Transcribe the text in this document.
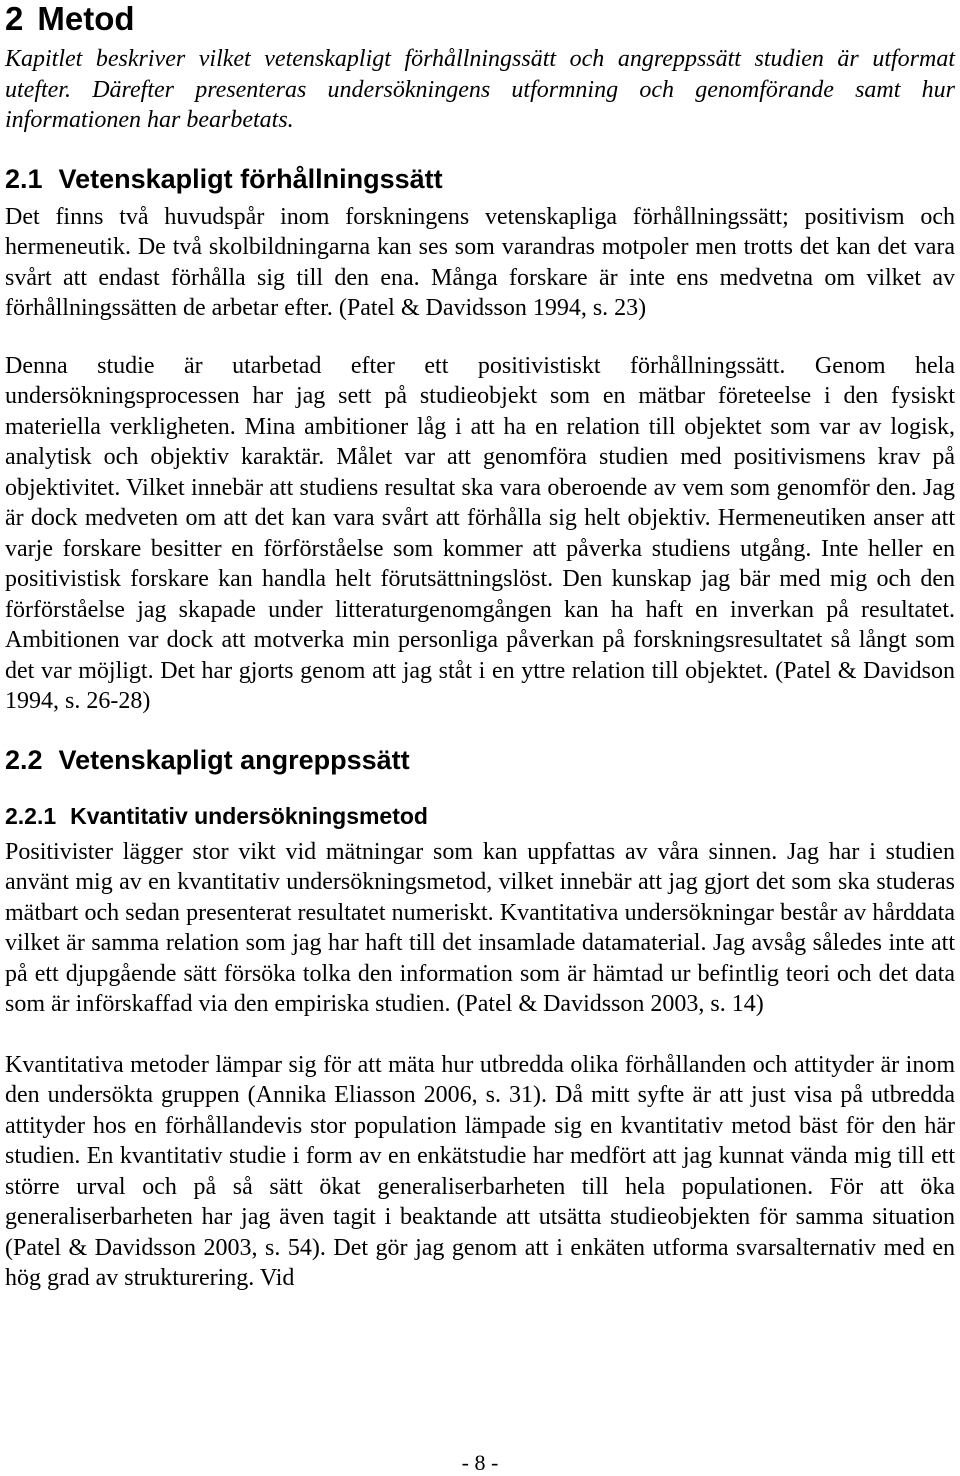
2 Metod

Kapitlet beskriver vilket vetenskapligt förhållningssätt och angreppssätt studien är utformat utefter. Därefter presenteras undersökningens utformning och genomförande samt hur informationen har bearbetats.

2.1 Vetenskapligt förhållningssätt

Det finns två huvudspår inom forskningens vetenskapliga förhållningssätt; positivism och hermeneutik. De två skolbildningarna kan ses som varandras motpoler men trotts det kan det vara svårt att endast förhålla sig till den ena. Många forskare är inte ens medvetna om vilket av förhållningssätten de arbetar efter. (Patel & Davidsson 1994, s. 23)

Denna studie är utarbetad efter ett positivistiskt förhållningssätt. Genom hela undersökningsprocessen har jag sett på studieobjekt som en mätbar företeelse i den fysiskt materiella verkligheten. Mina ambitioner låg i att ha en relation till objektet som var av logisk, analytisk och objektiv karaktär. Målet var att genomföra studien med positivismens krav på objektivitet. Vilket innebär att studiens resultat ska vara oberoende av vem som genomför den. Jag är dock medveten om att det kan vara svårt att förhålla sig helt objektiv. Hermeneutiken anser att varje forskare besitter en förförståelse som kommer att påverka studiens utgång. Inte heller en positivistisk forskare kan handla helt förutsättningslöst. Den kunskap jag bär med mig och den förförståelse jag skapade under litteraturgenomgången kan ha haft en inverkan på resultatet. Ambitionen var dock att motverka min personliga påverkan på forskningsresultatet så långt som det var möjligt. Det har gjorts genom att jag ståt i en yttre relation till objektet. (Patel & Davidson 1994, s. 26-28)

2.2 Vetenskapligt angreppssätt
2.2.1 Kvantitativ undersökningsmetod

Positivister lägger stor vikt vid mätningar som kan uppfattas av våra sinnen. Jag har i studien använt mig av en kvantitativ undersökningsmetod, vilket innebär att jag gjort det som ska studeras mätbart och sedan presenterat resultatet numeriskt. Kvantitativa undersökningar består av hårddata vilket är samma relation som jag har haft till det insamlade datamaterial. Jag avsåg således inte att på ett djupgående sätt försöka tolka den information som är hämtad ur befintlig teori och det data som är införskaffad via den empiriska studien. (Patel & Davidsson 2003, s. 14)

Kvantitativa metoder lämpar sig för att mäta hur utbredda olika förhållanden och attityder är inom den undersökta gruppen (Annika Eliasson 2006, s. 31). Då mitt syfte är att just visa på utbredda attityder hos en förhållandevis stor population lämpade sig en kvantitativ metod bäst för den här studien. En kvantitativ studie i form av en enkätstudie har medfört att jag kunnat vända mig till ett större urval och på så sätt ökat generaliserbarheten till hela populationen. För att öka generaliserbarheten har jag även tagit i beaktande att utsätta studieobjekten för samma situation (Patel & Davidsson 2003, s. 54). Det gör jag genom att i enkäten utforma svarsalternativ med en hög grad av strukturering. Vid

- 8 -
